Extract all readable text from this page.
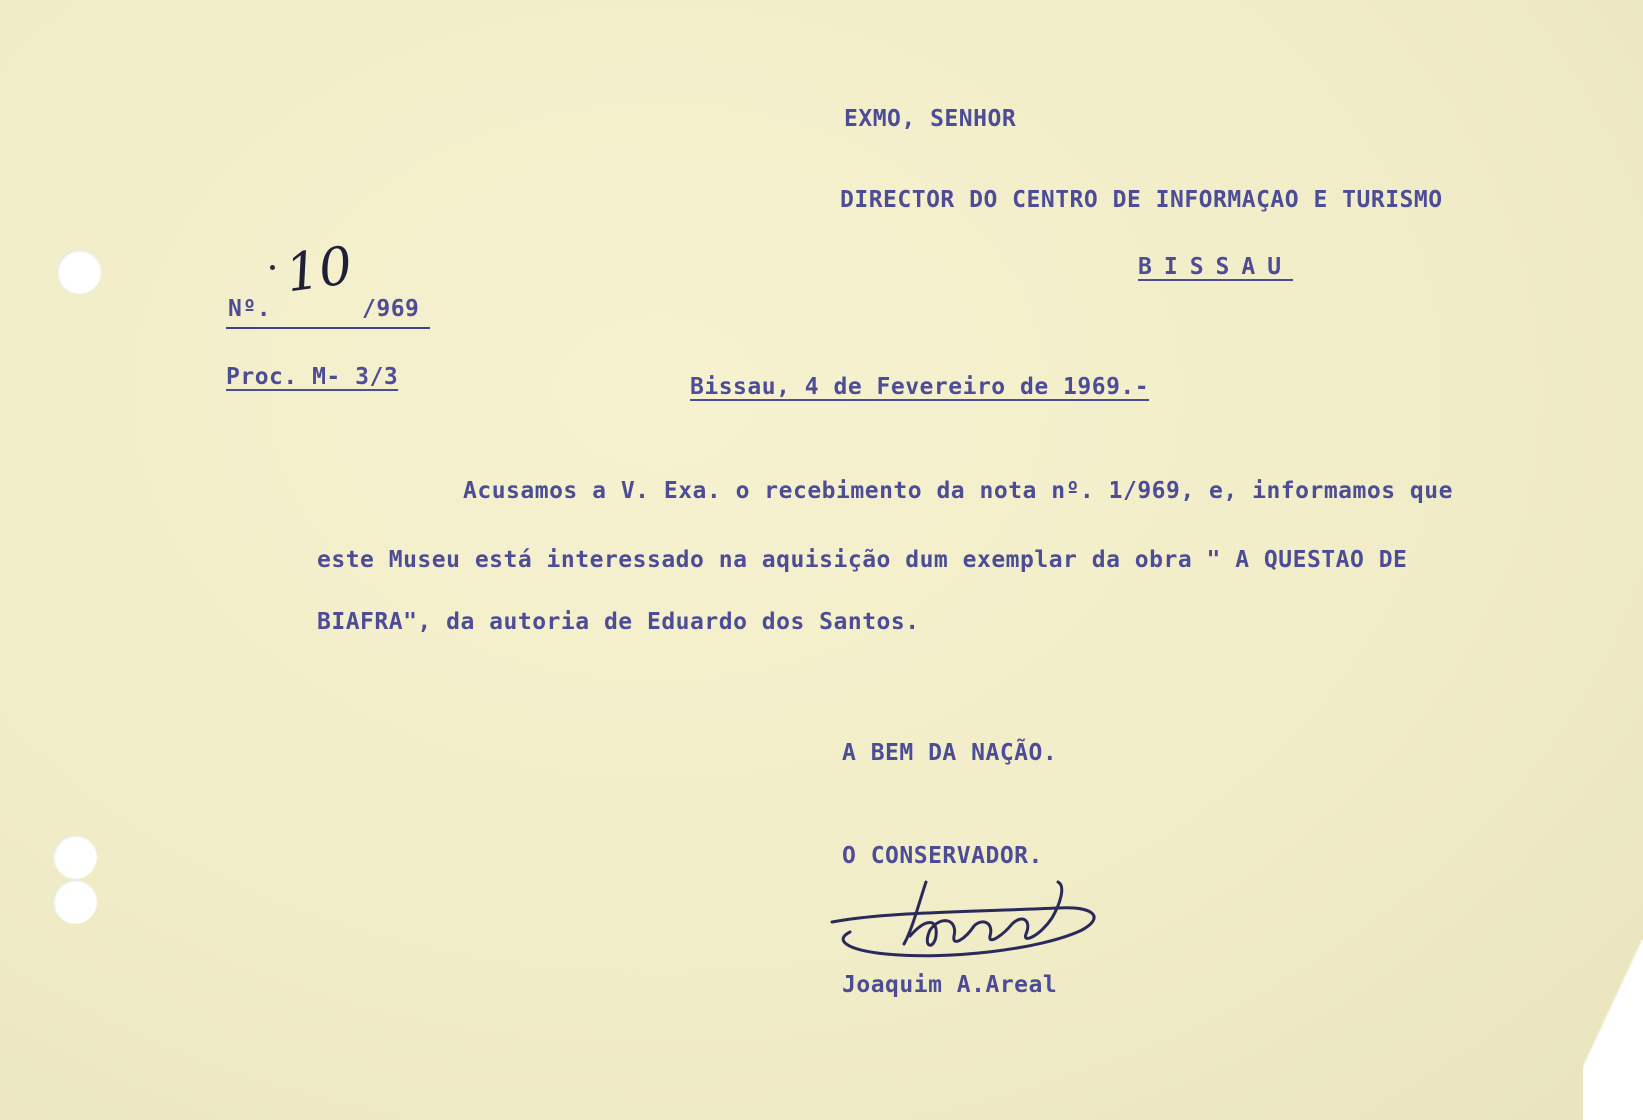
EXMO, SENHOR

DIRECTOR DO CENTRO DE INFORMAÇAO E TURISMO

BISSAU

Nº.

10

/969

Proc. M- 3/3	Bissau, 4 de Fevereiro de 1969.-

Acusamos a V. Exa. o recebimento da nota nº. 1/969, e, informamos que

este Museu está interessado na aquisição dum exemplar da obra " A QUESTAO DE

BIAFRA", da autoria de Eduardo dos Santos.

A BEM DA NAÇÃO.

O CONSERVADOR.

Joaquim A.Areal
